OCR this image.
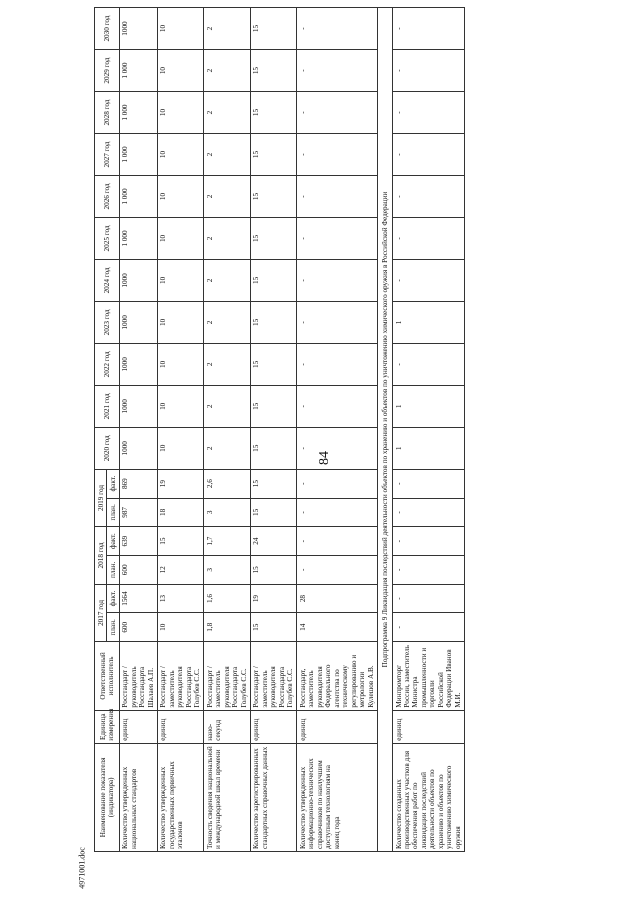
84
Наименование показателя (индикатора)	Единица измерения	Ответственный исполнитель	2017 год		2018 год		2019 год		2020 год	2021 год	2022 год	2023 год	2024 год	2025 год	2026 год	2027 год	2028 год	2029 год	2030 год
			план.	факт.	план.	факт.	план.	факт.											
Количество утвержденных национальных стандартов	единиц	Росстандарт / руководитель Росстандарта Шалаев А.П.	600	1564	600	639	987	869	1000	1000	1000	1000	1000	1 000	1 000	1 000	1 000	1 000	1000
Количество утвержденных государственных первичных эталонов	единиц	Росстандарт / заместитель руководителя Росстандарта Голубев С.С.	10	13	12	15	18	19	10	10	10	10	10	10	10	10	10	10	10
Точность сведения национальной и международной шкал времени	нано-секунд	Росстандарт / заместитель руководителя Росстандарта Голубев С.С.	1,8	1,6	3	1,7	3	2,6	2	2	2	2	2	2	2	2	2	2	2
Количество зарегистрированных стандартных справочных данных	единиц	Росстандарт / заместитель руководителя Росстандарта Голубев С.С.	15	19	15	24	15	15	15	15	15	15	15	15	15	15	15	15	15
Количество утвержденных информационно-технических справочников по наилучшим доступным технологиям на конец года	единиц	Росстандарт, заместитель руководителя Федерального агентства по техническому регулированию и метрологии Кулешов А.В.	14	28	-	-	-	-	-	-	-	-	-	-	-	-	-	-	-
Подпрограмма 9 Ликвидация последствий деятельности объектов по хранению и объектов по уничтожению химического оружия в Российской Федерации																			
Количество созданных производственных участков для обеспечения работ по ликвидации последствий деятельности объектов по хранению и объектов по уничтожению химического оружия	единиц	Минпромторг России, заместитель Министра промышленности и торговли Российской Федерации Иванов М.И.	-	-	-	-	-	-	1	1	-	1	-	-	-	-	-	-	-
4971001.doc
